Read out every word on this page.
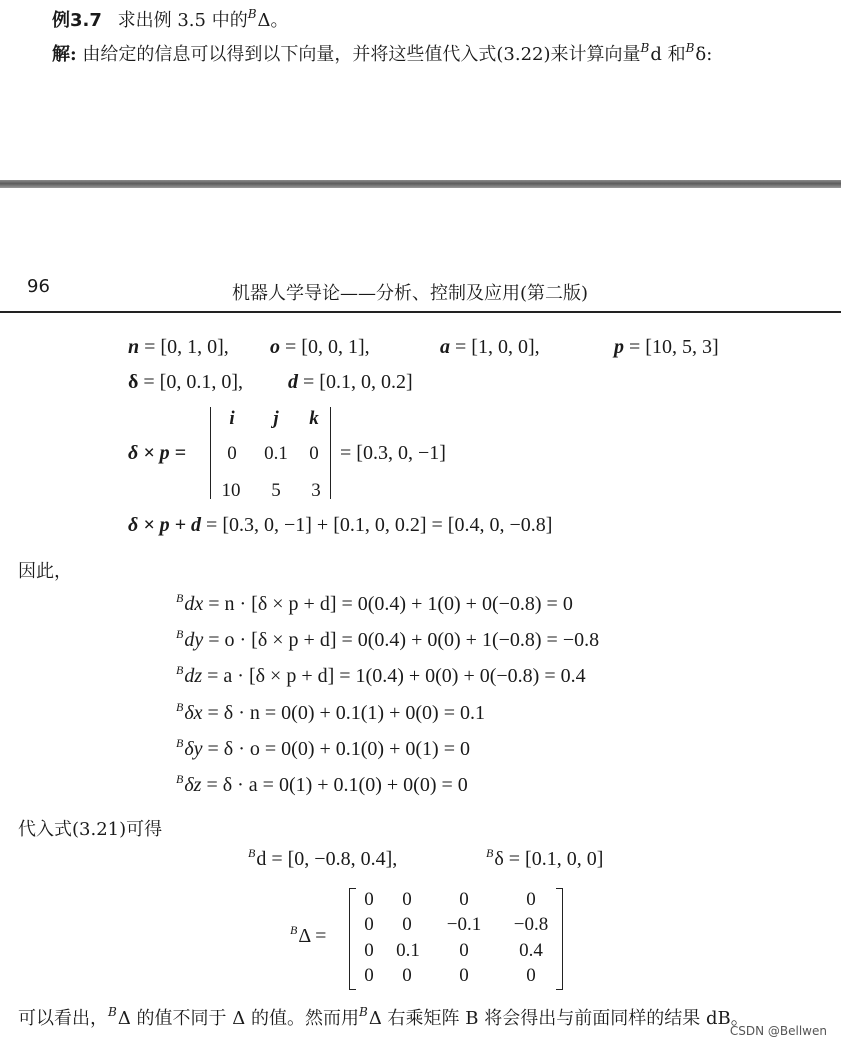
例3.7 求出例 3.5 中的$^B$Δ。
解: 由给定的信息可以得到以下向量，并将这些值代入式(3.22)来计算向量$^B$d 和$^B$δ:
96	机器人学导论——分析、控制及应用(第二版)
n = [0, 1, 0], o = [0, 0, 1],	a = [1, 0, 0],	p = [10, 5, 3]
δ = [0, 0.1, 0], d = [0.1, 0, 0.2]
δ × p =
i	j	k
0	0.1	0
10	5	3
= [0.3, 0, −1]
δ × p + d = [0.3, 0, −1] + [0.1, 0, 0.2] = [0.4, 0, −0.8]
因此，
$^B$dx = n · [δ × p + d] = 0(0.4) + 1(0) + 0(−0.8) = 0
$^B$dy = o · [δ × p + d] = 0(0.4) + 0(0) + 1(−0.8) = −0.8
$^B$dz = a · [δ × p + d] = 1(0.4) + 0(0) + 0(−0.8) = 0.4
$^B$δx = δ · n = 0(0) + 0.1(1) + 0(0) = 0.1
$^B$δy = δ · o = 0(0) + 0.1(0) + 0(1) = 0
$^B$δz = δ · a = 0(1) + 0.1(0) + 0(0) = 0
代入式(3.21)可得
$^B$d = [0, −0.8, 0.4],	$^B$δ = [0.1, 0, 0]
$^B$Δ =
0	0	0	0
0	0	−0.1	−0.8
0	0.1	0	0.4
0	0	0	0
可以看出，$^B$Δ 的值不同于 Δ 的值。然而用$^B$Δ 右乘矩阵 B 将会得出与前面同样的结果 dB。
CSDN @Bellwen
